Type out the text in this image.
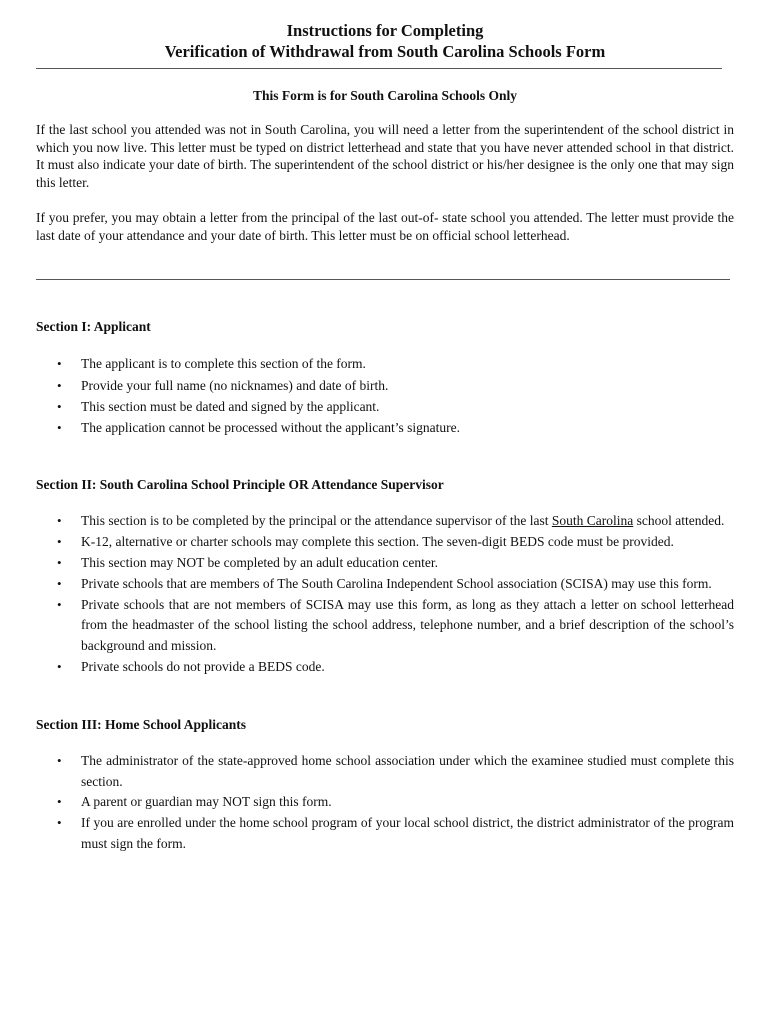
Instructions for Completing

Verification of Withdrawal from South Carolina Schools Form

This Form is for South Carolina Schools Only

If the last school you attended was not in South Carolina, you will need a letter from the superintendent of the school district in which you now live. This letter must be typed on district letterhead and state that you have never attended school in that district. It must also indicate your date of birth. The superintendent of the school district or his/her designee is the only one that may sign this letter.

If you prefer, you may obtain a letter from the principal of the last out-of- state school you attended. The letter must provide the last date of your attendance and your date of birth. This letter must be on official school letterhead.

Section I: Applicant

• The applicant is to complete this section of the form.
• Provide your full name (no nicknames) and date of birth.
• This section must be dated and signed by the applicant.
• The application cannot be processed without the applicant’s signature.

Section II: South Carolina School Principle OR Attendance Supervisor

• This section is to be completed by the principal or the attendance supervisor of the last South Carolina school attended.
• K-12, alternative or charter schools may complete this section. The seven-digit BEDS code must be provided.
• This section may NOT be completed by an adult education center.
• Private schools that are members of The South Carolina Independent School association (SCISA) may use this form.
• Private schools that are not members of SCISA may use this form, as long as they attach a letter on school letterhead from the headmaster of the school listing the school address, telephone number, and a brief description of the school’s background and mission.
• Private schools do not provide a BEDS code.

Section III: Home School Applicants

• The administrator of the state-approved home school association under which the examinee studied must complete this section.
• A parent or guardian may NOT sign this form.
• If you are enrolled under the home school program of your local school district, the district administrator of the program must sign the form.
